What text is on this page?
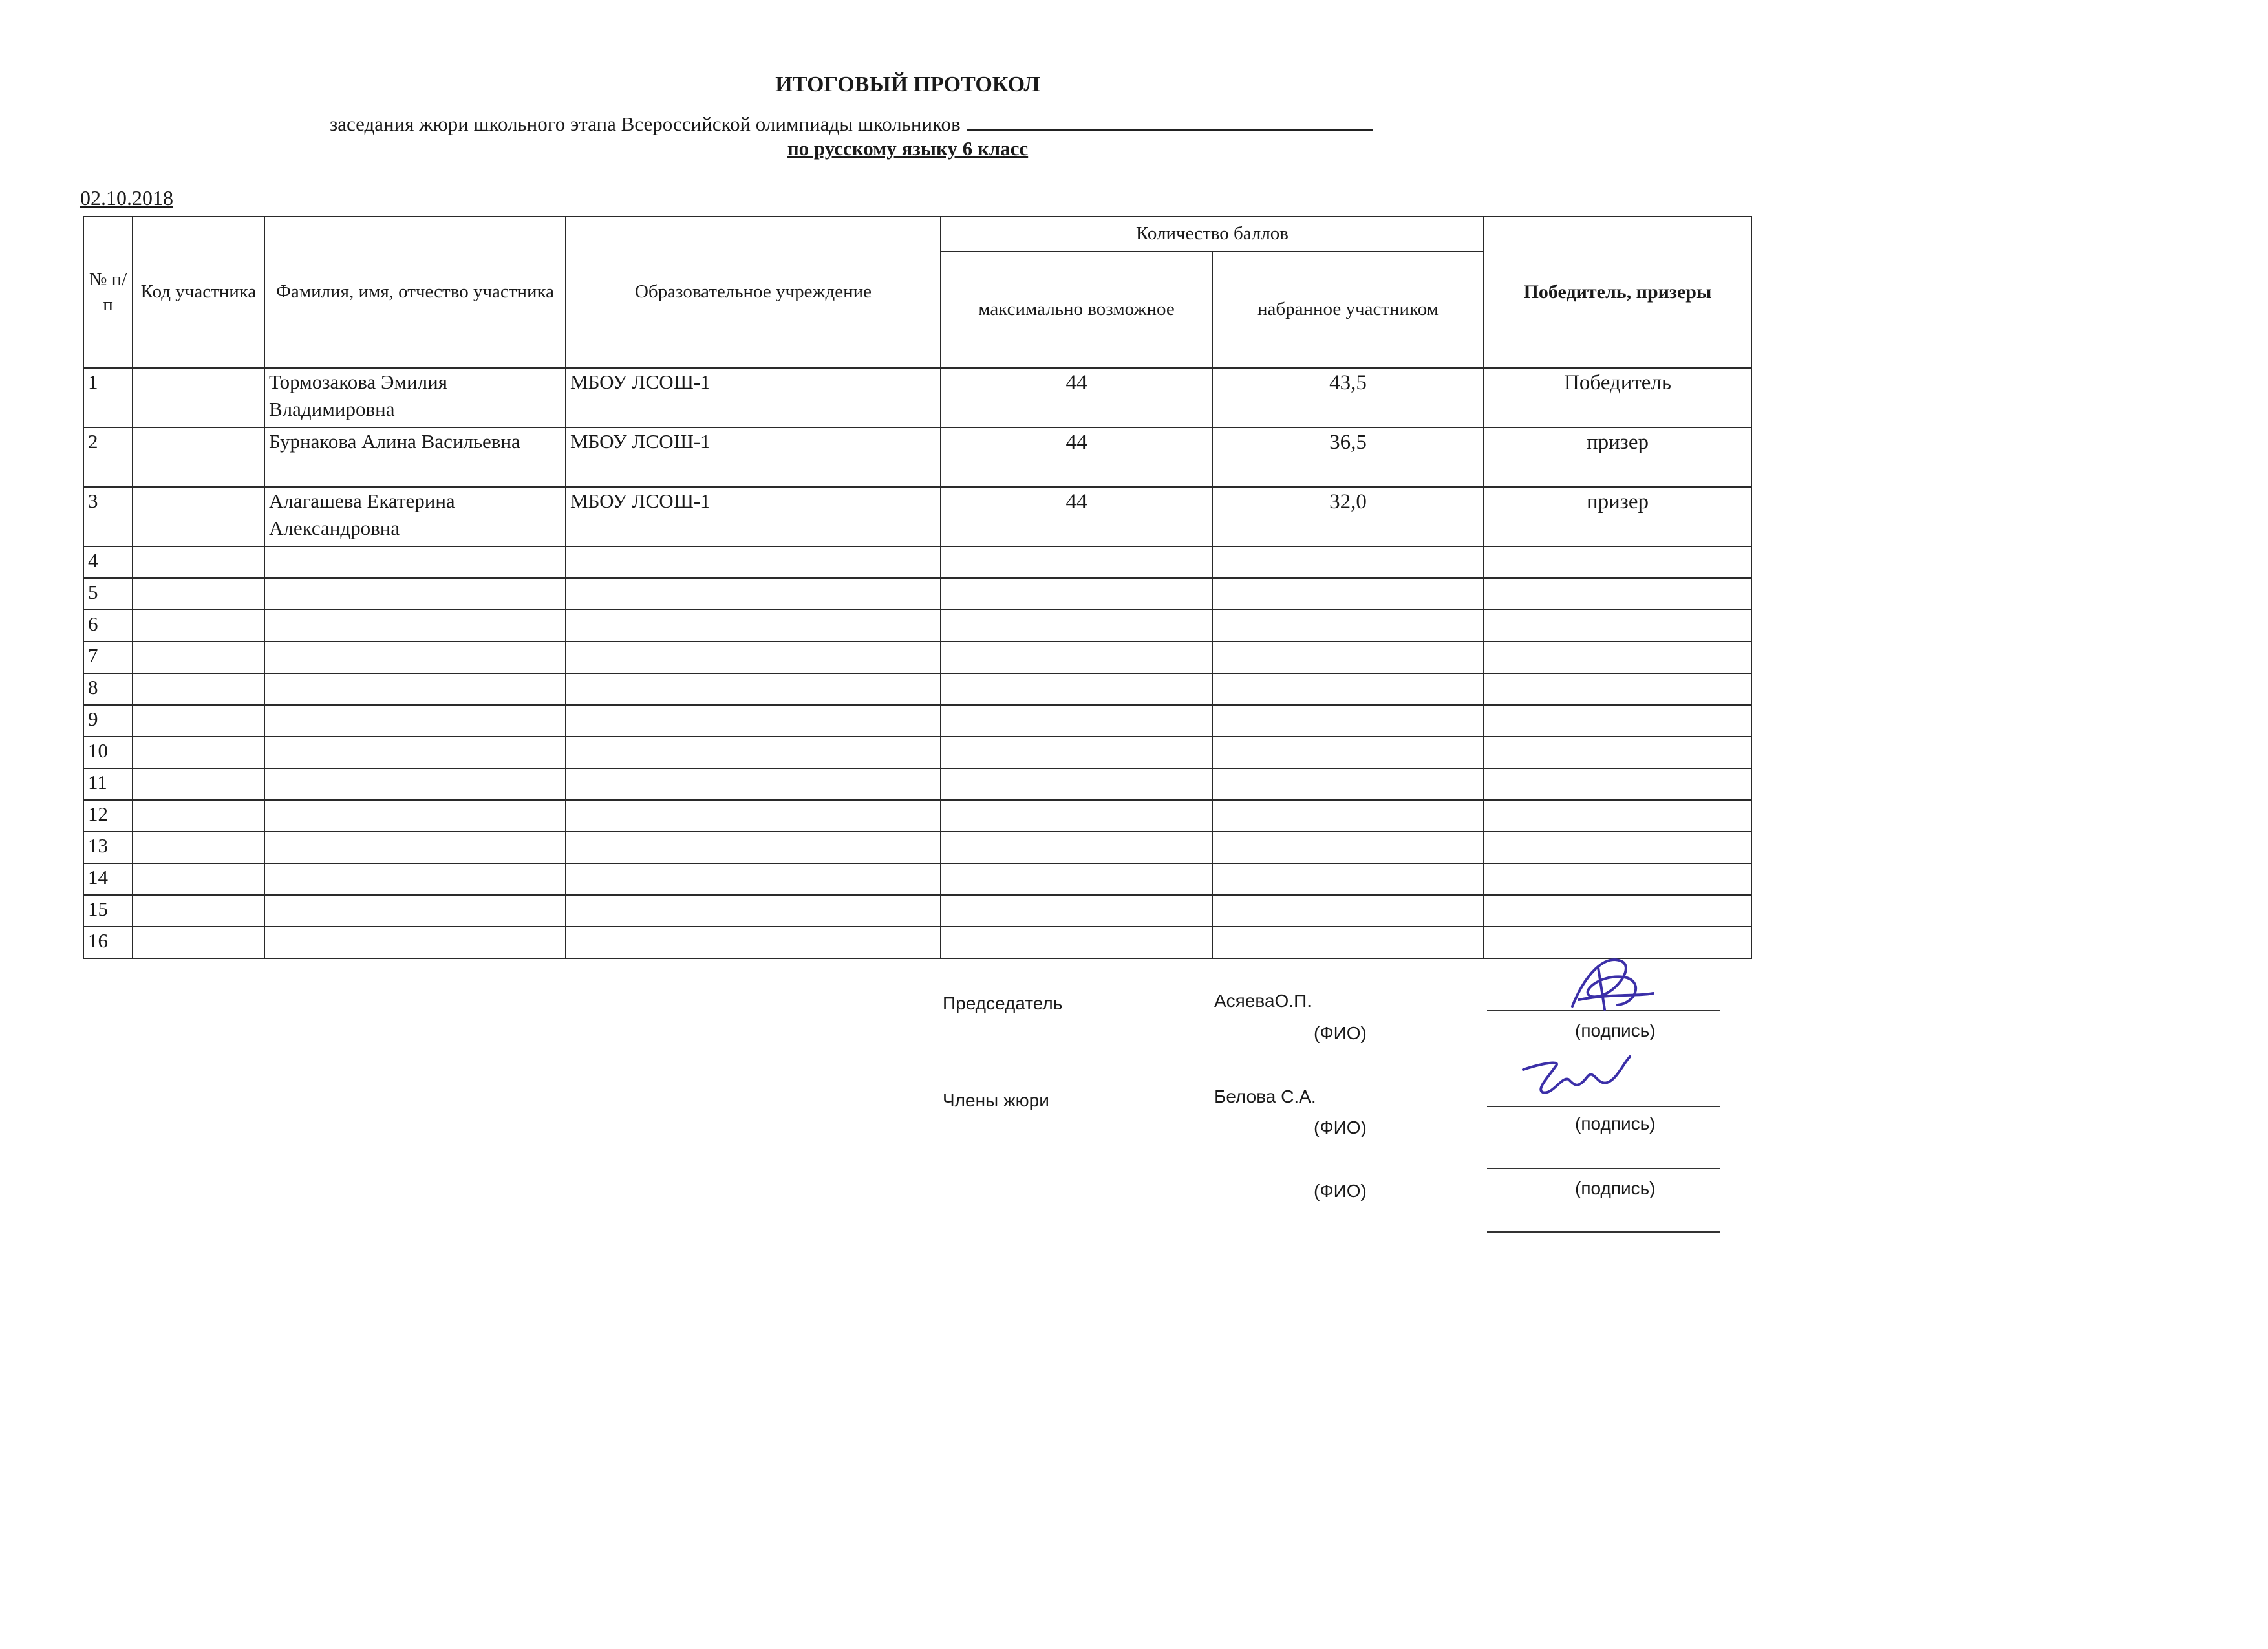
ИТОГОВЫЙ ПРОТОКОЛ
заседания жюри школьного этапа Всероссийской олимпиады школьников
по русскому языку 6 класс
02.10.2018
№ п/п	Код участника	Фамилия, имя, отчество участника	Образовательное учреждение	Количество баллов		Победитель, призеры
				максимально возможное	набранное участником	
1		Тормозакова Эмилия Владимировна	МБОУ ЛСОШ-1	44	43,5	Победитель
2		Бурнакова Алина Васильевна	МБОУ ЛСОШ-1	44	36,5	призер
3		Алагашева Екатерина Александровна	МБОУ ЛСОШ-1	44	32,0	призер
4						
5						
6						
7						
8						
9						
10						
11						
12						
13						
14						
15						
16						
Председатель	АсяеваО.П.
(ФИО)	(подпись)
Члены жюри	Белова С.А.
(ФИО)	(подпись)
(ФИО)	(подпись)
